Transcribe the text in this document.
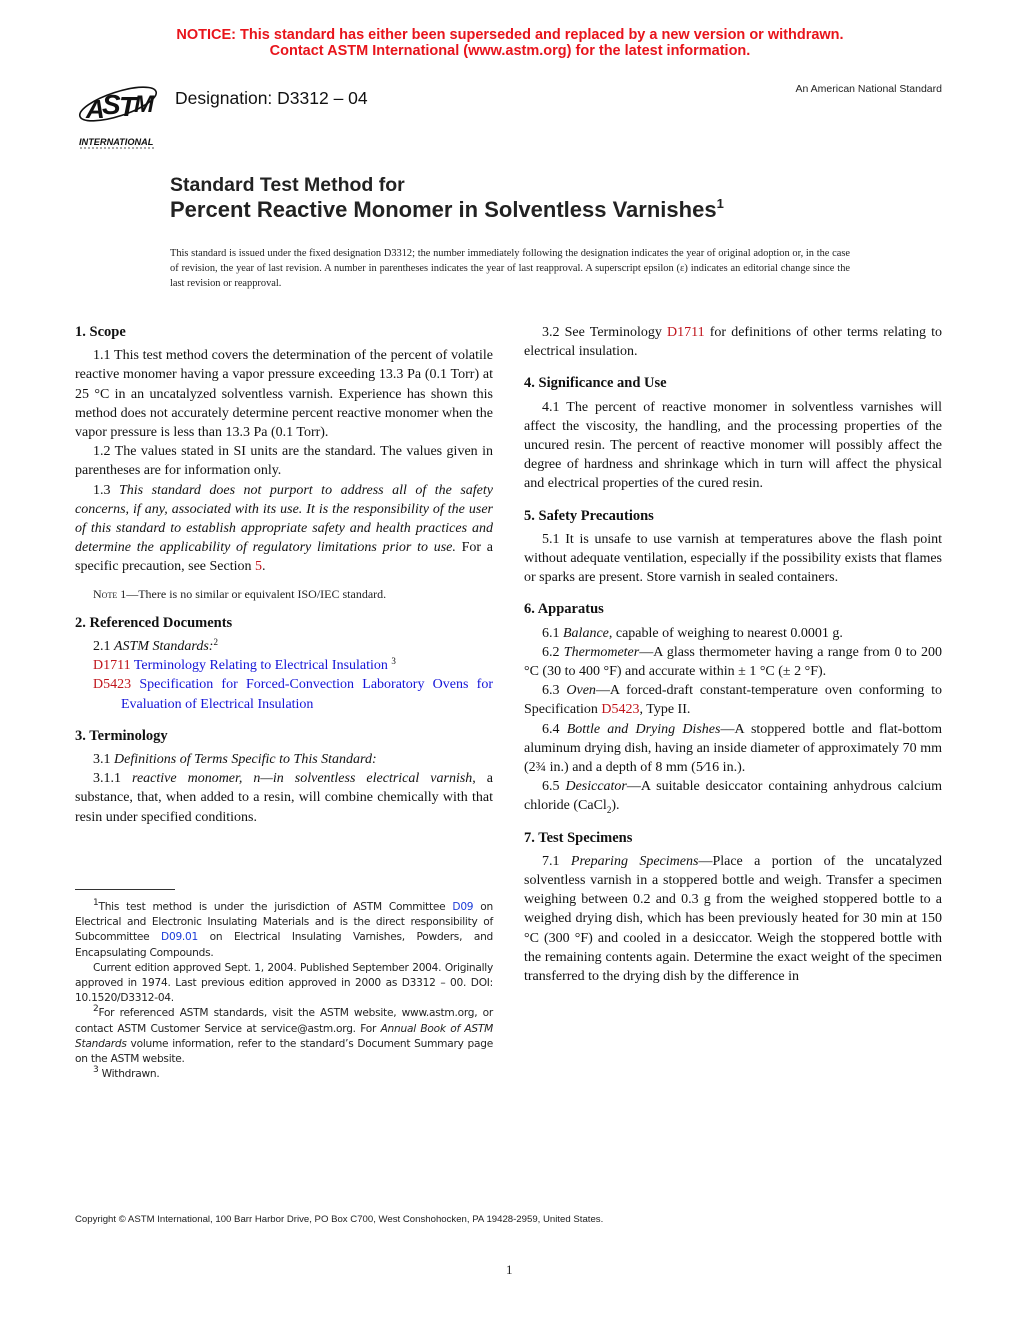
NOTICE: This standard has either been superseded and replaced by a new version or withdrawn.
Contact ASTM International (www.astm.org) for the latest information.
A
S
T
M
INTERNATIONAL
Designation: D3312 – 04	An American National Standard
Standard Test Method for
Percent Reactive Monomer in Solventless Varnishes$^1$
This standard is issued under the fixed designation D3312; the number immediately following the designation indicates the year of original adoption or, in the case of revision, the year of last revision. A number in parentheses indicates the year of last reapproval. A superscript epsilon (ε) indicates an editorial change since the last revision or reapproval.
1. Scope

1.1 This test method covers the determination of the percent of volatile reactive monomer having a vapor pressure exceeding 13.3 Pa (0.1 Torr) at 25 °C in an uncatalyzed solventless varnish. Experience has shown this method does not accurately determine percent reactive monomer when the vapor pressure is less than 13.3 Pa (0.1 Torr).

1.2 The values stated in SI units are the standard. The values given in parentheses are for information only.

1.3 This standard does not purport to address all of the safety concerns, if any, associated with its use. It is the responsibility of the user of this standard to establish appropriate safety and health practices and determine the applicability of regulatory limitations prior to use. For a specific precaution, see Section 5.

Note 1—There is no similar or equivalent ISO/IEC standard.
2. Referenced Documents

2.1 ASTM Standards:$^2$

D1711 Terminology Relating to Electrical Insulation $^3$
D5423 Specification for Forced-Convection Laboratory Ovens for Evaluation of Electrical Insulation
3. Terminology

3.1 Definitions of Terms Specific to This Standard:

3.1.1 reactive monomer, n—in solventless electrical varnish, a substance, that, when added to a resin, will combine chemically with that resin under specified conditions.

$^1$This test method is under the jurisdiction of ASTM Committee D09 on Electrical and Electronic Insulating Materials and is the direct responsibility of Subcommittee D09.01 on Electrical Insulating Varnishes, Powders, and Encapsulating Compounds.

Current edition approved Sept. 1, 2004. Published September 2004. Originally approved in 1974. Last previous edition approved in 2000 as D3312 – 00. DOI: 10.1520/D3312-04.

$^2$For referenced ASTM standards, visit the ASTM website, www.astm.org, or contact ASTM Customer Service at service@astm.org. For Annual Book of ASTM Standards volume information, refer to the standard’s Document Summary page on the ASTM website.

$^3$ Withdrawn.

3.2 See Terminology D1711 for definitions of other terms relating to electrical insulation.

4. Significance and Use

4.1 The percent of reactive monomer in solventless varnishes will affect the viscosity, the handling, and the processing properties of the uncured resin. The percent of reactive monomer will possibly affect the degree of hardness and shrinkage which in turn will affect the physical and electrical properties of the cured resin.

5. Safety Precautions

5.1 It is unsafe to use varnish at temperatures above the flash point without adequate ventilation, especially if the possibility exists that flames or sparks are present. Store varnish in sealed containers.

6. Apparatus

6.1 Balance, capable of weighing to nearest 0.0001 g.

6.2 Thermometer—A glass thermometer having a range from 0 to 200 °C (30 to 400 °F) and accurate within ± 1 °C (± 2 °F).

6.3 Oven—A forced-draft constant-temperature oven conforming to Specification D5423, Type II.

6.4 Bottle and Drying Dishes—A stoppered bottle and flat-bottom aluminum drying dish, having an inside diameter of approximately 70 mm (2¾ in.) and a depth of 8 mm (5⁄16 in.).

6.5 Desiccator—A suitable desiccator containing anhydrous calcium chloride (CaCl$_2$).

7. Test Specimens

7.1 Preparing Specimens—Place a portion of the uncatalyzed solventless varnish in a stoppered bottle and weigh. Transfer a specimen weighing between 0.2 and 0.3 g from the weighed stoppered bottle to a weighed drying dish, which has been previously heated for 30 min at 150 °C (300 °F) and cooled in a desiccator. Weigh the stoppered bottle with the remaining contents again. Determine the exact weight of the specimen transferred to the drying dish by the difference in

Copyright © ASTM International, 100 Barr Harbor Drive, PO Box C700, West Conshohocken, PA 19428-2959, United States.
1
